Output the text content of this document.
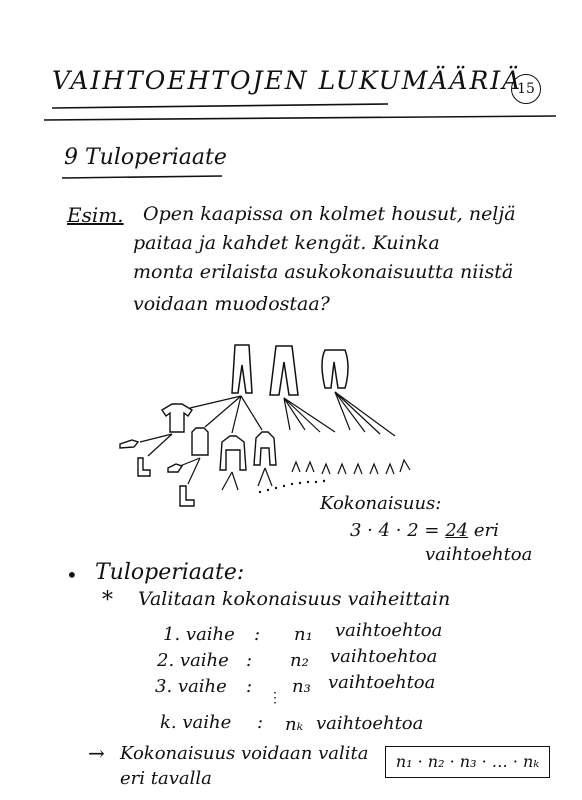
VAIHTOEHTOJEN LUKUMÄÄRIÄ
15
9 Tuloperiaate
Esim. Open kaapissa on kolmet housut, neljä
paitaa ja kahdet kengät. Kuinka
monta erilaista asukokonaisuutta niistä
voidaan muodostaa?
Kokonaisuus:
3 · 4 · 2 = 24 eri
vaihtoehtoa
• Tuloperiaate:
* Valitaan kokonaisuus vaiheittain
1. vaihe : n₁ vaihtoehtoa
2. vaihe : n₂ vaihtoehtoa
3. vaihe : n₃ vaihtoehtoa
⋮
k. vaihe : nₖ vaihtoehtoa
→ Kokonaisuus voidaan valita
eri tavalla
n₁ · n₂ · n₃ · … · nₖ
